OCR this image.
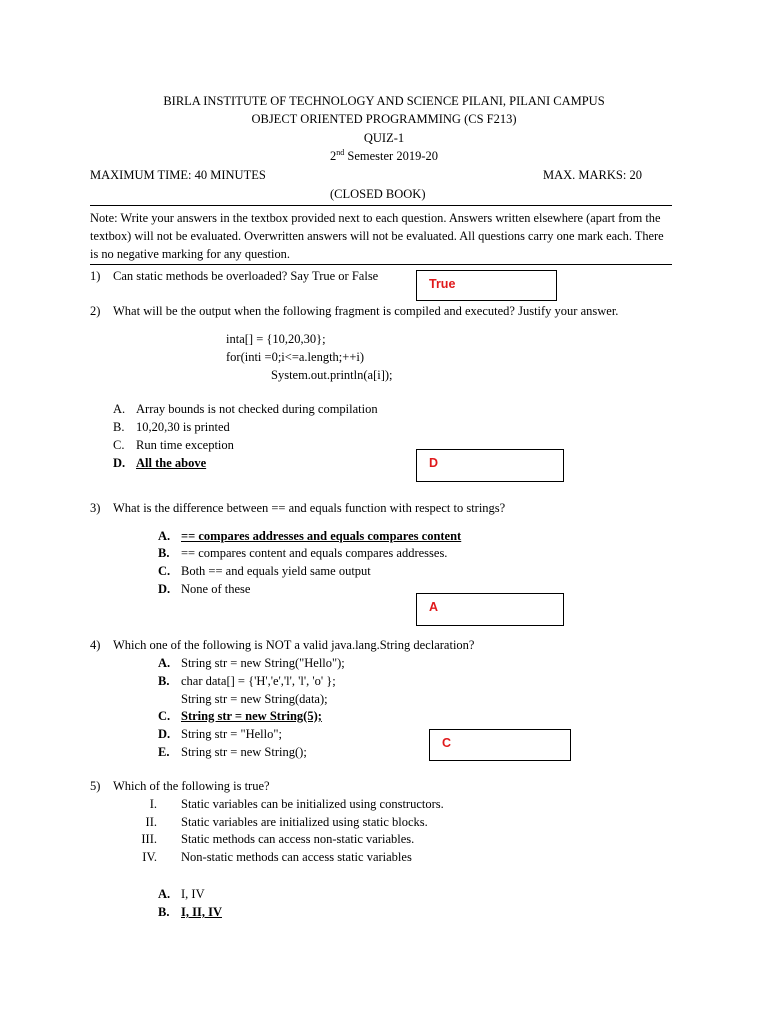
BIRLA INSTITUTE OF TECHNOLOGY AND SCIENCE PILANI, PILANI CAMPUS
OBJECT ORIENTED PROGRAMMING (CS F213)
QUIZ-1
2nd Semester 2019-20
MAXIMUM TIME: 40 MINUTES	MAX. MARKS: 20
(CLOSED BOOK)
Note: Write your answers in the textbox provided next to each question. Answers written elsewhere (apart from the textbox) will not be evaluated. Overwritten answers will not be evaluated. All questions carry one mark each. There is no negative marking for any question.
1) Can static methods be overloaded? Say True or False
True
2) What will be the output when the following fragment is compiled and executed? Justify your answer.
inta[] = {10,20,30};
for(inti =0;i<=a.length;++i)
System.out.println(a[i]);
A. Array bounds is not checked during compilation
B. 10,20,30 is printed
C. Run time exception
D. All the above	D
3) What is the difference between == and equals function with respect to strings?
A. == compares addresses and equals compares content
B. == compares content and equals compares addresses.
C. Both == and equals yield same output
D. None of these
A
4) Which one of the following is NOT a valid java.lang.String declaration?
A. String str = new String("Hello");
B. char data[] = {'H','e','l', 'l', 'o' };
String str = new String(data);
C. String str = new String(5);
D. String str = "Hello";
E. String str = new String();
C
5) Which of the following is true?
I. Static variables can be initialized using constructors.
II. Static variables are initialized using static blocks.
III. Static methods can access non-static variables.
IV. Non-static methods can access static variables
A. I, IV
B. I, II, IV
